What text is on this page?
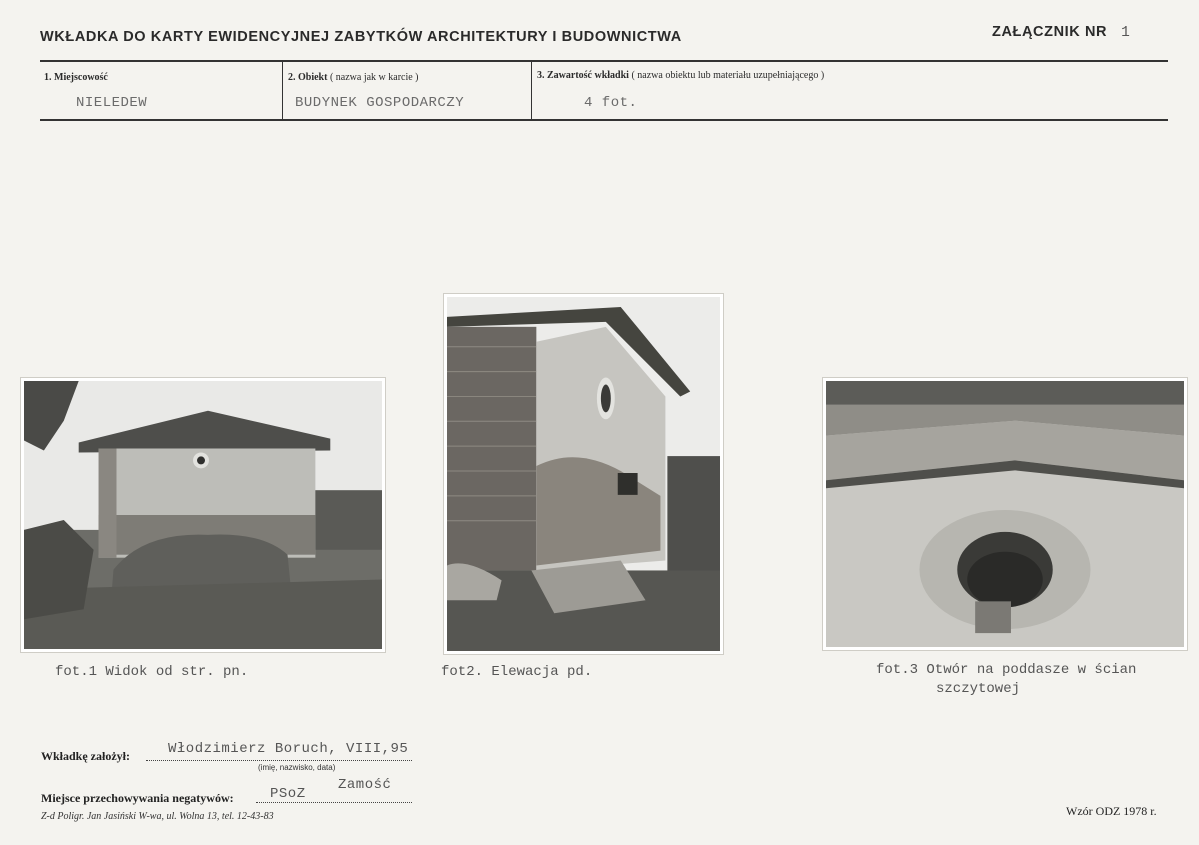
WKŁADKA DO KARTY EWIDENCYJNEJ ZABYTKÓW ARCHITEKTURY I BUDOWNICTWA	ZAŁĄCZNIK NR 1
1. Miejscowość
NIELEDEW
2. Obiekt ( nazwa jak w karcie )
BUDYNEK GOSPODARCZY
3. Zawartość wkładki ( nazwa obiektu lub materiału uzupełniającego )
4 fot.
fot.1 Widok od str. pn.	fot2. Elewacja pd.	fot.3 Otwór na poddasze w ścian
szczytowej
Wkładkę założył:	Włodzimierz Boruch, VIII,95
(imię, nazwisko, data)
Miejsce przechowywania negatywów:	PSoZ
Zamość
Z-d Poligr. Jan Jasiński W-wa, ul. Wolna 13, tel. 12-43-83	Wzór ODZ 1978 r.
